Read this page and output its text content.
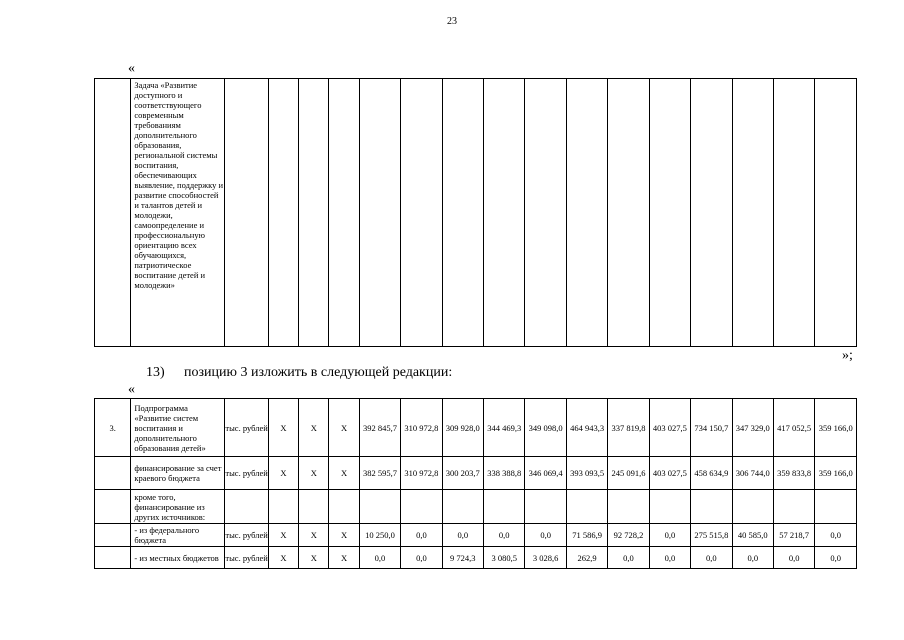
23
«
	Задача «Развитие доступного и соответствующего современным требованиям дополнительного образования, региональной системы воспитания, обеспечивающих выявление, поддержку и развитие способностей и талантов детей и молодежи, самоопределение и профессиональную ориентацию всех обучающихся, патриотическое воспитание детей и молодежи»																
»;
13) позицию 3 изложить в следующей редакции:
«
3.	Подпрограмма «Развитие систем воспитания и дополнительного образования детей»	тыс. рублей	X	X	X	392 845,7	310 972,8	309 928,0	344 469,3	349 098,0	464 943,3	337 819,8	403 027,5	734 150,7	347 329,0	417 052,5	359 166,0
	финансирование за счет краевого бюджета	тыс. рублей	X	X	X	382 595,7	310 972,8	300 203,7	338 388,8	346 069,4	393 093,5	245 091,6	403 027,5	458 634,9	306 744,0	359 833,8	359 166,0
	кроме того, финансирование из других источников:																
	- из федерального бюджета	тыс. рублей	X	X	X	10 250,0	0,0	0,0	0,0	0,0	71 586,9	92 728,2	0,0	275 515,8	40 585,0	57 218,7	0,0
	- из местных бюджетов	тыс. рублей	X	X	X	0,0	0,0	9 724,3	3 080,5	3 028,6	262,9	0,0	0,0	0,0	0,0	0,0	0,0
